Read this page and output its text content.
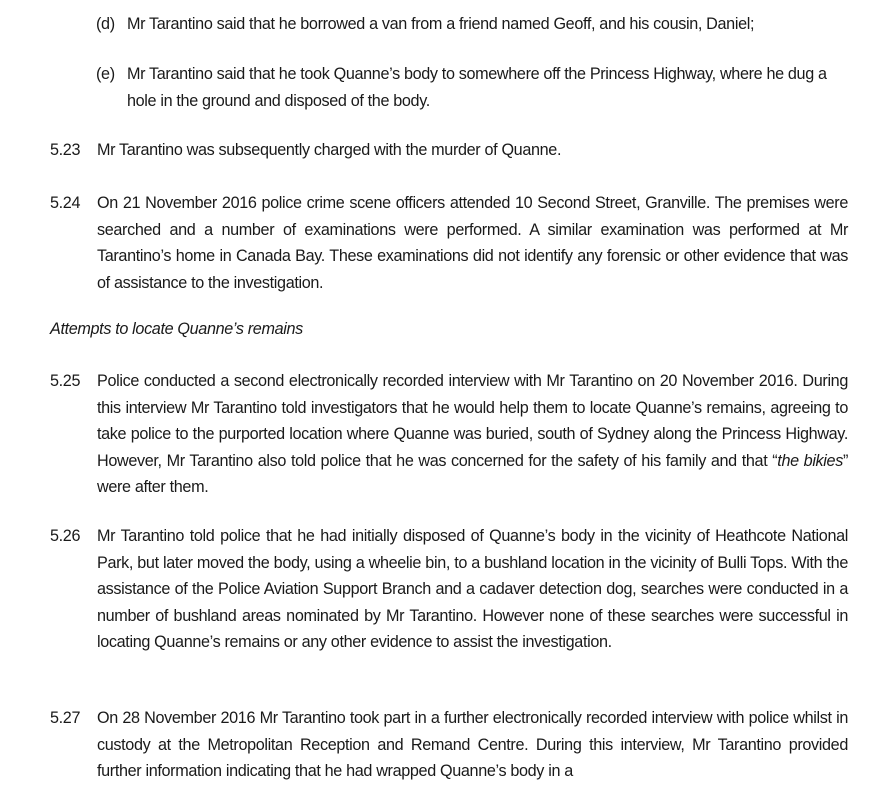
(d) Mr Tarantino said that he borrowed a van from a friend named Geoff, and his cousin, Daniel;
(e) Mr Tarantino said that he took Quanne’s body to somewhere off the Princess Highway, where he dug a hole in the ground and disposed of the body.
5.23 Mr Tarantino was subsequently charged with the murder of Quanne.
5.24 On 21 November 2016 police crime scene officers attended 10 Second Street, Granville. The premises were searched and a number of examinations were performed. A similar examination was performed at Mr Tarantino’s home in Canada Bay. These examinations did not identify any forensic or other evidence that was of assistance to the investigation.
Attempts to locate Quanne’s remains
5.25 Police conducted a second electronically recorded interview with Mr Tarantino on 20 November 2016. During this interview Mr Tarantino told investigators that he would help them to locate Quanne’s remains, agreeing to take police to the purported location where Quanne was buried, south of Sydney along the Princess Highway. However, Mr Tarantino also told police that he was concerned for the safety of his family and that “the bikies” were after them.
5.26 Mr Tarantino told police that he had initially disposed of Quanne’s body in the vicinity of Heathcote National Park, but later moved the body, using a wheelie bin, to a bushland location in the vicinity of Bulli Tops. With the assistance of the Police Aviation Support Branch and a cadaver detection dog, searches were conducted in a number of bushland areas nominated by Mr Tarantino. However none of these searches were successful in locating Quanne’s remains or any other evidence to assist the investigation.
5.27 On 28 November 2016 Mr Tarantino took part in a further electronically recorded interview with police whilst in custody at the Metropolitan Reception and Remand Centre. During this interview, Mr Tarantino provided further information indicating that he had wrapped Quanne’s body in a
